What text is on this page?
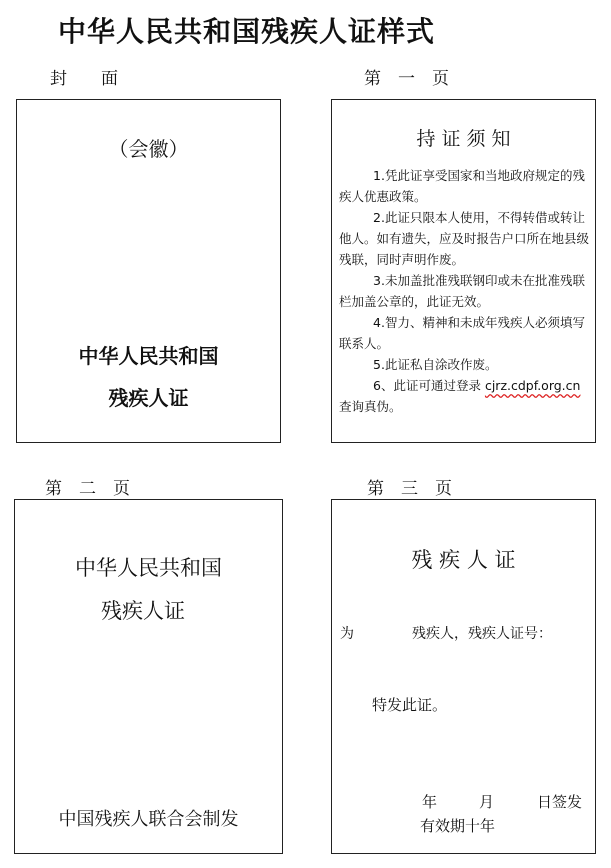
中华人民共和国残疾人证样式
封　　面	第　一　页
第　二　页	第　三　页
（会徽）
中华人民共和国
残疾人证
持 证 须 知
1.凭此证享受国家和当地政府规定的残疾人优惠政策。
2.此证只限本人使用，不得转借或转让他人。如有遗失，应及时报告户口所在地县级残联，同时声明作废。
3.未加盖批准残联钢印或未在批准残联栏加盖公章的，此证无效。
4.智力、精神和未成年残疾人必须填写联系人。
5.此证私自涂改作废。
6、此证可通过登录 cjrz.cdpf.org.cn
查询真伪。
中华人民共和国
残疾人证
中国残疾人联合会制发
残 疾 人 证
为	残疾人，残疾人证号：
特发此证。
年	月	日签发
有效期十年
